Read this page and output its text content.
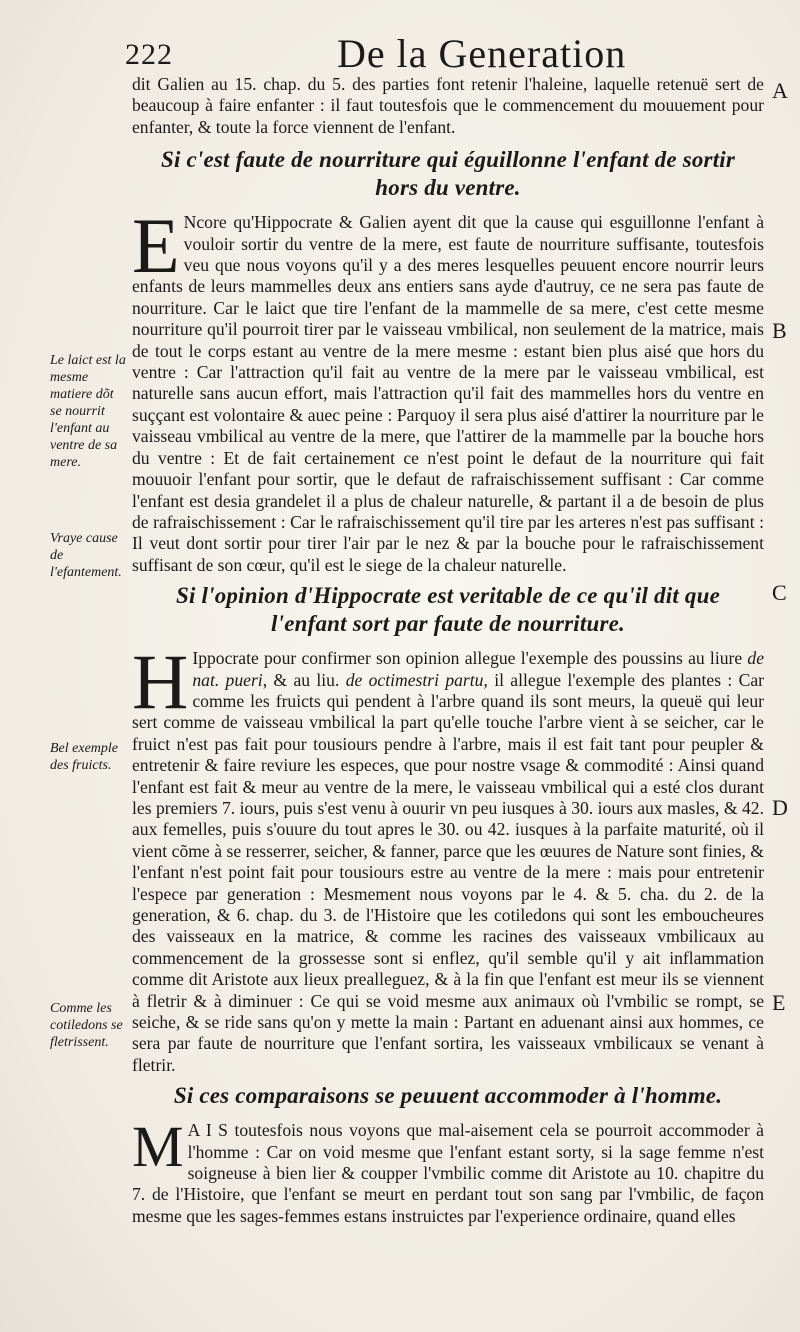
222	De la Generation
Le laict est la mesme matiere dõt se nourrit l'enfant au ventre de sa mere.
Vraye cause de l'efantement.
Bel exemple des fruicts.
Comme les cotiledons se fletrissent.
A
B
C
D
E

dit Galien au 15. chap. du 5. des parties font retenir l'haleine, laquelle retenuë sert de beaucoup à faire enfanter : il faut toutesfois que le commencement du mouuement pour enfanter, & toute la force viennent de l'enfant.

Si c'est faute de nourriture qui éguillonne l'enfant de sortir hors du ventre.

E Ncore qu'Hippocrate & Galien ayent dit que la cause qui esguillonne l'enfant à vouloir sortir du ventre de la mere, est faute de nourriture suffisante, toutesfois veu que nous voyons qu'il y a des meres lesquelles peuuent encore nourrir leurs enfants de leurs mammelles deux ans entiers sans ayde d'autruy, ce ne sera pas faute de nourriture. Car le laict que tire l'enfant de la mammelle de sa mere, c'est cette mesme nourriture qu'il pourroit tirer par le vaisseau vmbilical, non seulement de la matrice, mais de tout le corps estant au ventre de la mere mesme : estant bien plus aisé que hors du ventre : Car l'attraction qu'il fait au ventre de la mere par le vaisseau vmbilical, est naturelle sans aucun effort, mais l'attraction qu'il fait des mammelles hors du ventre en suççant est volontaire & auec peine : Parquoy il sera plus aisé d'attirer la nourriture par le vaisseau vmbilical au ventre de la mere, que l'attirer de la mammelle par la bouche hors du ventre : Et de fait certainement ce n'est point le defaut de la nourriture qui fait mouuoir l'enfant pour sortir, que le defaut de rafraischissement suffisant : Car comme l'enfant est desia grandelet il a plus de chaleur naturelle, & partant il a de besoin de plus de rafraischissement : Car le rafraischissement qu'il tire par les arteres n'est pas suffisant : Il veut dont sortir pour tirer l'air par le nez & par la bouche pour le rafraischissement suffisant de son cœur, qu'il est le siege de la chaleur naturelle.

Si l'opinion d'Hippocrate est veritable de ce qu'il dit que l'enfant sort par faute de nourriture.

H Ippocrate pour confirmer son opinion allegue l'exemple des poussins au liure de nat. pueri, & au liu. de octimestri partu, il allegue l'exemple des plantes : Car comme les fruicts qui pendent à l'arbre quand ils sont meurs, la queuë qui leur sert comme de vaisseau vmbilical la part qu'elle touche l'arbre vient à se seicher, car le fruict n'est pas fait pour tousiours pendre à l'arbre, mais il est fait tant pour peupler & entretenir & faire reviure les especes, que pour nostre vsage & commodité : Ainsi quand l'enfant est fait & meur au ventre de la mere, le vaisseau vmbilical qui a esté clos durant les premiers 7. iours, puis s'est venu à ouurir vn peu iusques à 30. iours aux masles, & 42. aux femelles, puis s'ouure du tout apres le 30. ou 42. iusques à la parfaite maturité, où il vient cõme à se resserrer, seicher, & fanner, parce que les œuures de Nature sont finies, & l'enfant n'est point fait pour tousiours estre au ventre de la mere : mais pour entretenir l'espece par generation : Mesmement nous voyons par le 4. & 5. cha. du 2. de la generation, & 6. chap. du 3. de l'Histoire que les cotiledons qui sont les emboucheures des vaisseaux en la matrice, & comme les racines des vaisseaux vmbilicaux au commencement de la grossesse sont si enflez, qu'il semble qu'il y ait inflammation comme dit Aristote aux lieux prealleguez, & à la fin que l'enfant est meur ils se viennent à fletrir & à diminuer : Ce qui se void mesme aux animaux où l'vmbilic se rompt, se seiche, & se ride sans qu'on y mette la main : Partant en aduenant ainsi aux hommes, ce sera par faute de nourriture que l'enfant sortira, les vaisseaux vmbilicaux se venant à fletrir.

Si ces comparaisons se peuuent accommoder à l'homme.

M A I S toutesfois nous voyons que mal-aisement cela se pourroit accommoder à l'homme : Car on void mesme que l'enfant estant sorty, si la sage femme n'est soigneuse à bien lier & coupper l'vmbilic comme dit Aristote au 10. chapitre du 7. de l'Histoire, que l'enfant se meurt en perdant tout son sang par l'vmbilic, de façon mesme que les sages-femmes estans instruictes par l'experience ordinaire, quand elles
